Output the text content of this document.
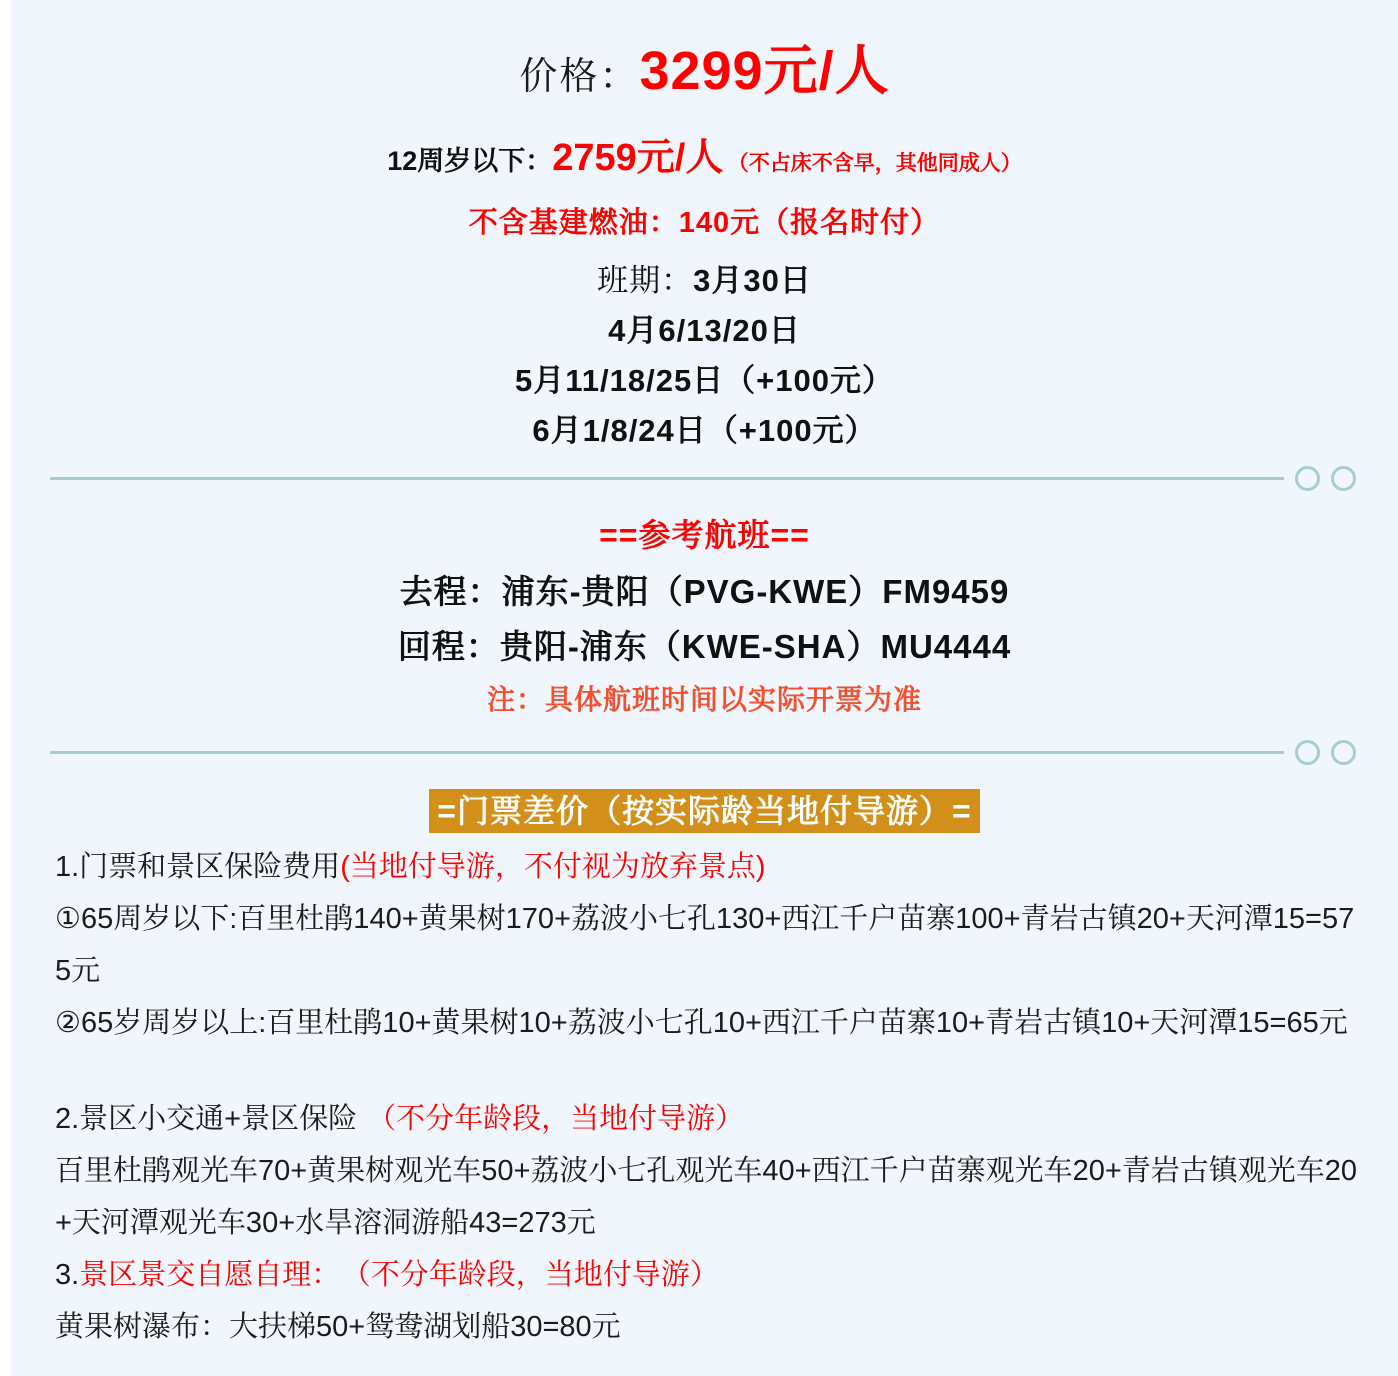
价格：3299元/人
12周岁以下：2759元/人 （不占床不含早，其他同成人）
不含基建燃油：140元（报名时付）
班期：3月30日
4月6/13/20日
5月11/18/25日（+100元）
6月1/8/24日（+100元）
==参考航班==
去程：浦东-贵阳（PVG-KWE）FM9459
回程：贵阳-浦东（KWE-SHA）MU4444
注：具体航班时间以实际开票为准
=门票差价（按实际龄当地付导游）=

1.门票和景区保险费用(当地付导游，不付视为放弃景点)

①65周岁以下:百里杜鹃140+黄果树170+荔波小七孔130+西江千户苗寨100+青岩古镇20+天河潭15=575元

②65岁周岁以上:百里杜鹃10+黄果树10+荔波小七孔10+西江千户苗寨10+青岩古镇10+天河潭15=65元

2.景区小交通+景区保险 （不分年龄段，当地付导游）

百里杜鹃观光车70+黄果树观光车50+荔波小七孔观光车40+西江千户苗寨观光车20+青岩古镇观光车20+天河潭观光车30+水旱溶洞游船43=273元

3.景区景交自愿自理： （不分年龄段，当地付导游）

黄果树瀑布：大扶梯50+鸳鸯湖划船30=80元
